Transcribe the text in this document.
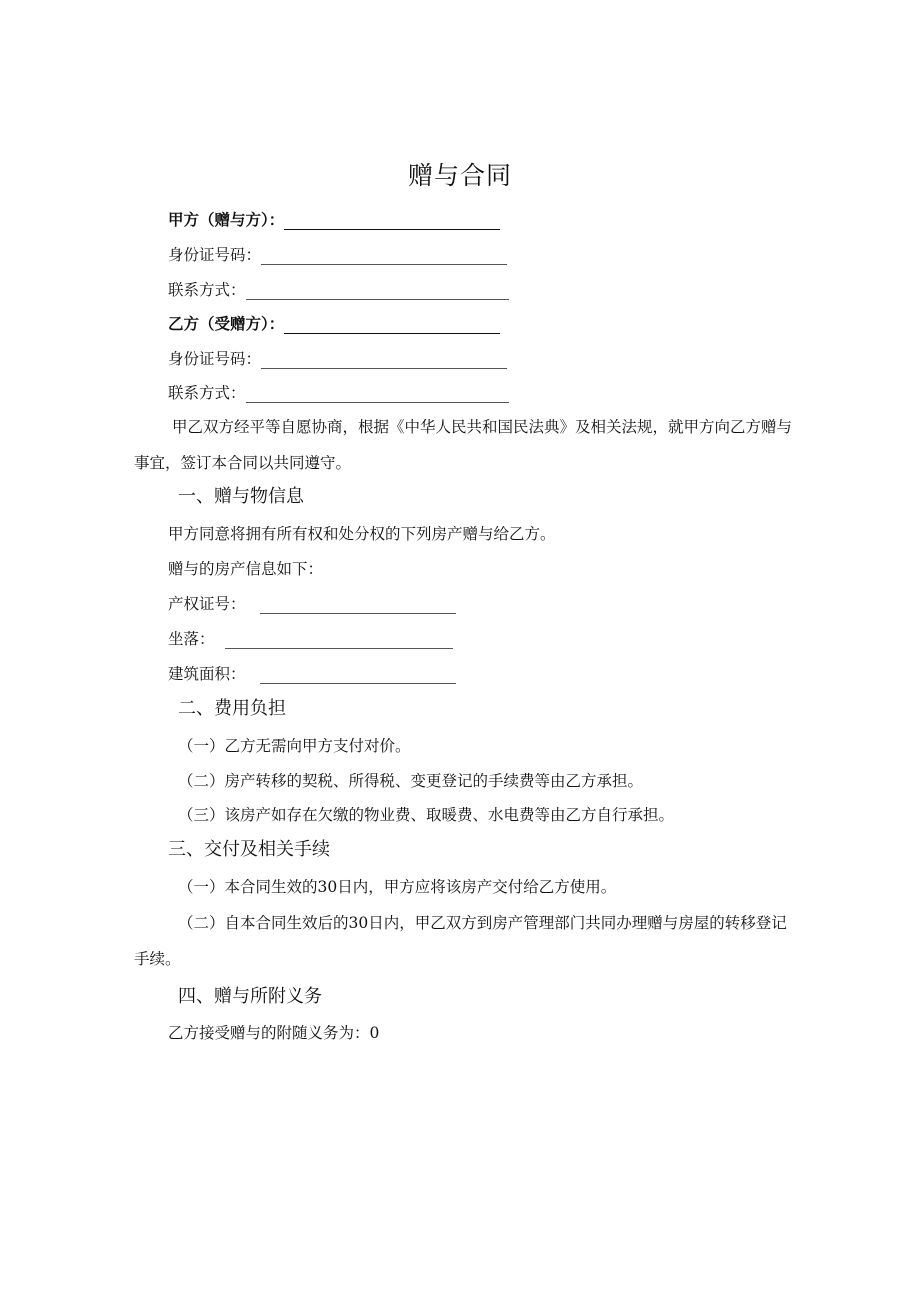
赠与合同
甲方（赠与方）：
身份证号码：
联系方式：
乙方（受赠方）：
身份证号码：
联系方式：
甲乙双方经平等自愿协商，根据《中华人民共和国民法典》及相关法规，就甲方向乙方赠与事宜，签订本合同以共同遵守。
一、赠与物信息
甲方同意将拥有所有权和处分权的下列房产赠与给乙方。
赠与的房产信息如下：
产权证号：
坐落：
建筑面积：
二、费用负担
（一）乙方无需向甲方支付对价。
（二）房产转移的契税、所得税、变更登记的手续费等由乙方承担。
（三）该房产如存在欠缴的物业费、取暖费、水电费等由乙方自行承担。
三、交付及相关手续
（一）本合同生效的30日内，甲方应将该房产交付给乙方使用。
（二）自本合同生效后的30日内，甲乙双方到房产管理部门共同办理赠与房屋的转移登记手续。
四、赠与所附义务
乙方接受赠与的附随义务为：0
